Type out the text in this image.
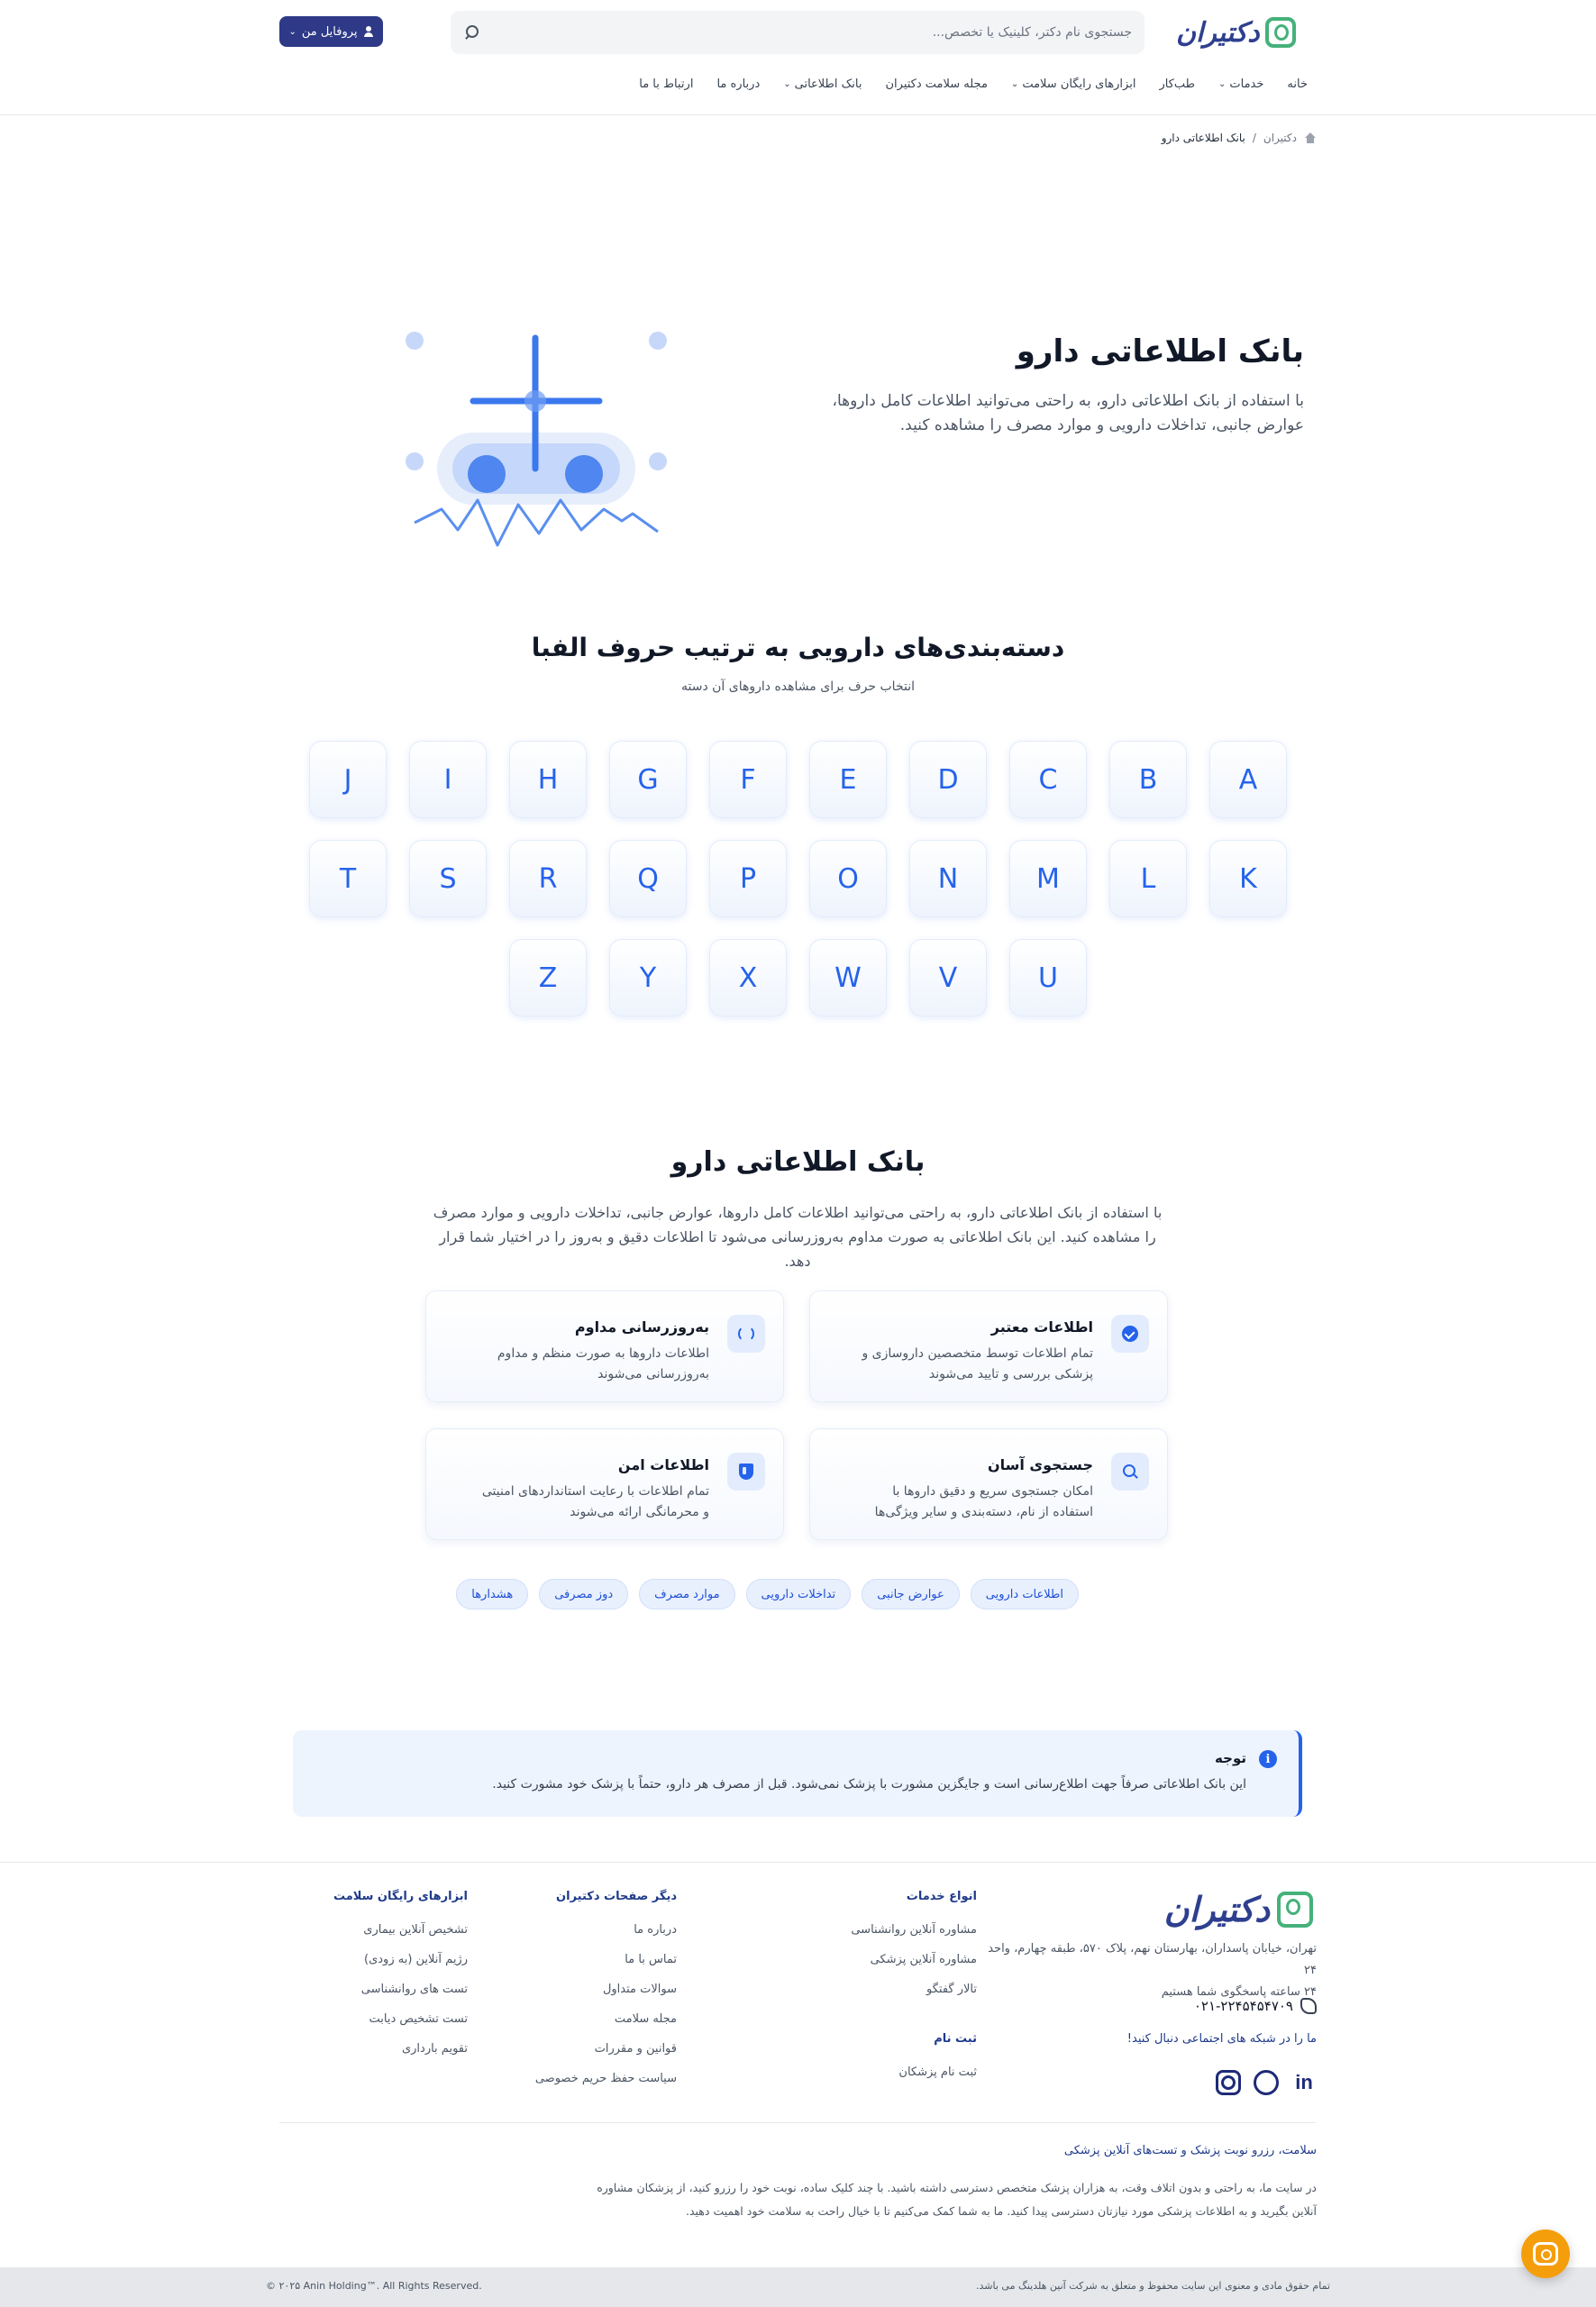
دکتیران
جستجوی نام دکتر، کلینیک یا تخصص...
پروفایل من
⌄
خانه
خدمات
⌄
طب‌کار
ابزارهای رایگان سلامت
⌄
مجله سلامت دکتیران
بانک اطلاعاتی
⌄
درباره ما
ارتباط با ما
دکتیران
/
بانک اطلاعاتی دارو
بانک اطلاعاتی دارو

با استفاده از بانک اطلاعاتی دارو، به راحتی می‌توانید اطلاعات کامل داروها، عوارض جانبی، تداخلات دارویی و موارد مصرف را مشاهده کنید.

دسته‌بندی‌های دارویی به ترتیب حروف الفبا

انتخاب حرف برای مشاهده داروهای آن دسته

A
B
C
D
E
F
G
H
I
J
K
L
M
N
O
P
Q
R
S
T
U
V
W
X
Y
Z
بانک اطلاعاتی دارو

با استفاده از بانک اطلاعاتی دارو، به راحتی می‌توانید اطلاعات کامل داروها، عوارض جانبی، تداخلات دارویی و موارد مصرف را مشاهده کنید. این بانک اطلاعاتی به صورت مداوم به‌روزرسانی می‌شود تا اطلاعات دقیق و به‌روز را در اختیار شما قرار دهد.

اطلاعات معتبر
تمام اطلاعات توسط متخصصین داروسازی و پزشکی بررسی و تایید می‌شوند
به‌روزرسانی مداوم
اطلاعات داروها به صورت منظم و مداوم به‌روزرسانی می‌شوند
جستجوی آسان
امکان جستجوی سریع و دقیق داروها با استفاده از نام، دسته‌بندی و سایر ویژگی‌ها
اطلاعات امن
تمام اطلاعات با رعایت استانداردهای امنیتی و محرمانگی ارائه می‌شوند
اطلاعات دارویی
عوارض جانبی
تداخلات دارویی
موارد مصرف
دوز مصرفی
هشدارها
i
توجه
این بانک اطلاعاتی صرفاً جهت اطلاع‌رسانی است و جایگزین مشورت با پزشک نمی‌شود. قبل از مصرف هر دارو، حتماً با پزشک خود مشورت کنید.
دکتیران
تهران، خیابان پاسداران، بهارستان نهم، پلاک ۵۷۰، طبقه چهارم، واحد ۲۴
۲۴ ساعته پاسخگوی شما هستیم
۰۲۱-۲۲۴۵۴۵۴۷۰۹
ما را در شبکه های اجتماعی دنبال کنید!
in
انواع خدمات
مشاوره آنلاین روانشناسی
مشاوره آنلاین پزشکی
تالار گفتگو
ثبت نام
ثبت نام پزشکان
دیگر صفحات دکتیران
درباره ما
تماس با ما
سوالات متداول
مجله سلامت
قوانین و مقررات
سیاست حفظ حریم خصوصی
ابزارهای رایگان سلامت
تشخیص آنلاین بیماری
رژیم آنلاین (به زودی)
تست های روانشناسی
تست تشخیص دیابت
تقویم بارداری
سلامت، رزرو نوبت پزشک و تست‌های آنلاین پزشکی
در سایت ما، به راحتی و بدون اتلاف وقت، به هزاران پزشک متخصص دسترسی داشته باشید. با چند کلیک ساده، نوبت خود را رزرو کنید، از پزشکان مشاوره آنلاین بگیرید و به اطلاعات پزشکی مورد نیازتان دسترسی پیدا کنید. ما به شما کمک می‌کنیم تا با خیال راحت به سلامت خود اهمیت دهید.
تمام حقوق مادی و معنوی این سایت محفوظ و متعلق به شرکت آنین هلدینگ می باشد.
© ۲۰۲۵ Anin Holding™. All Rights Reserved.
